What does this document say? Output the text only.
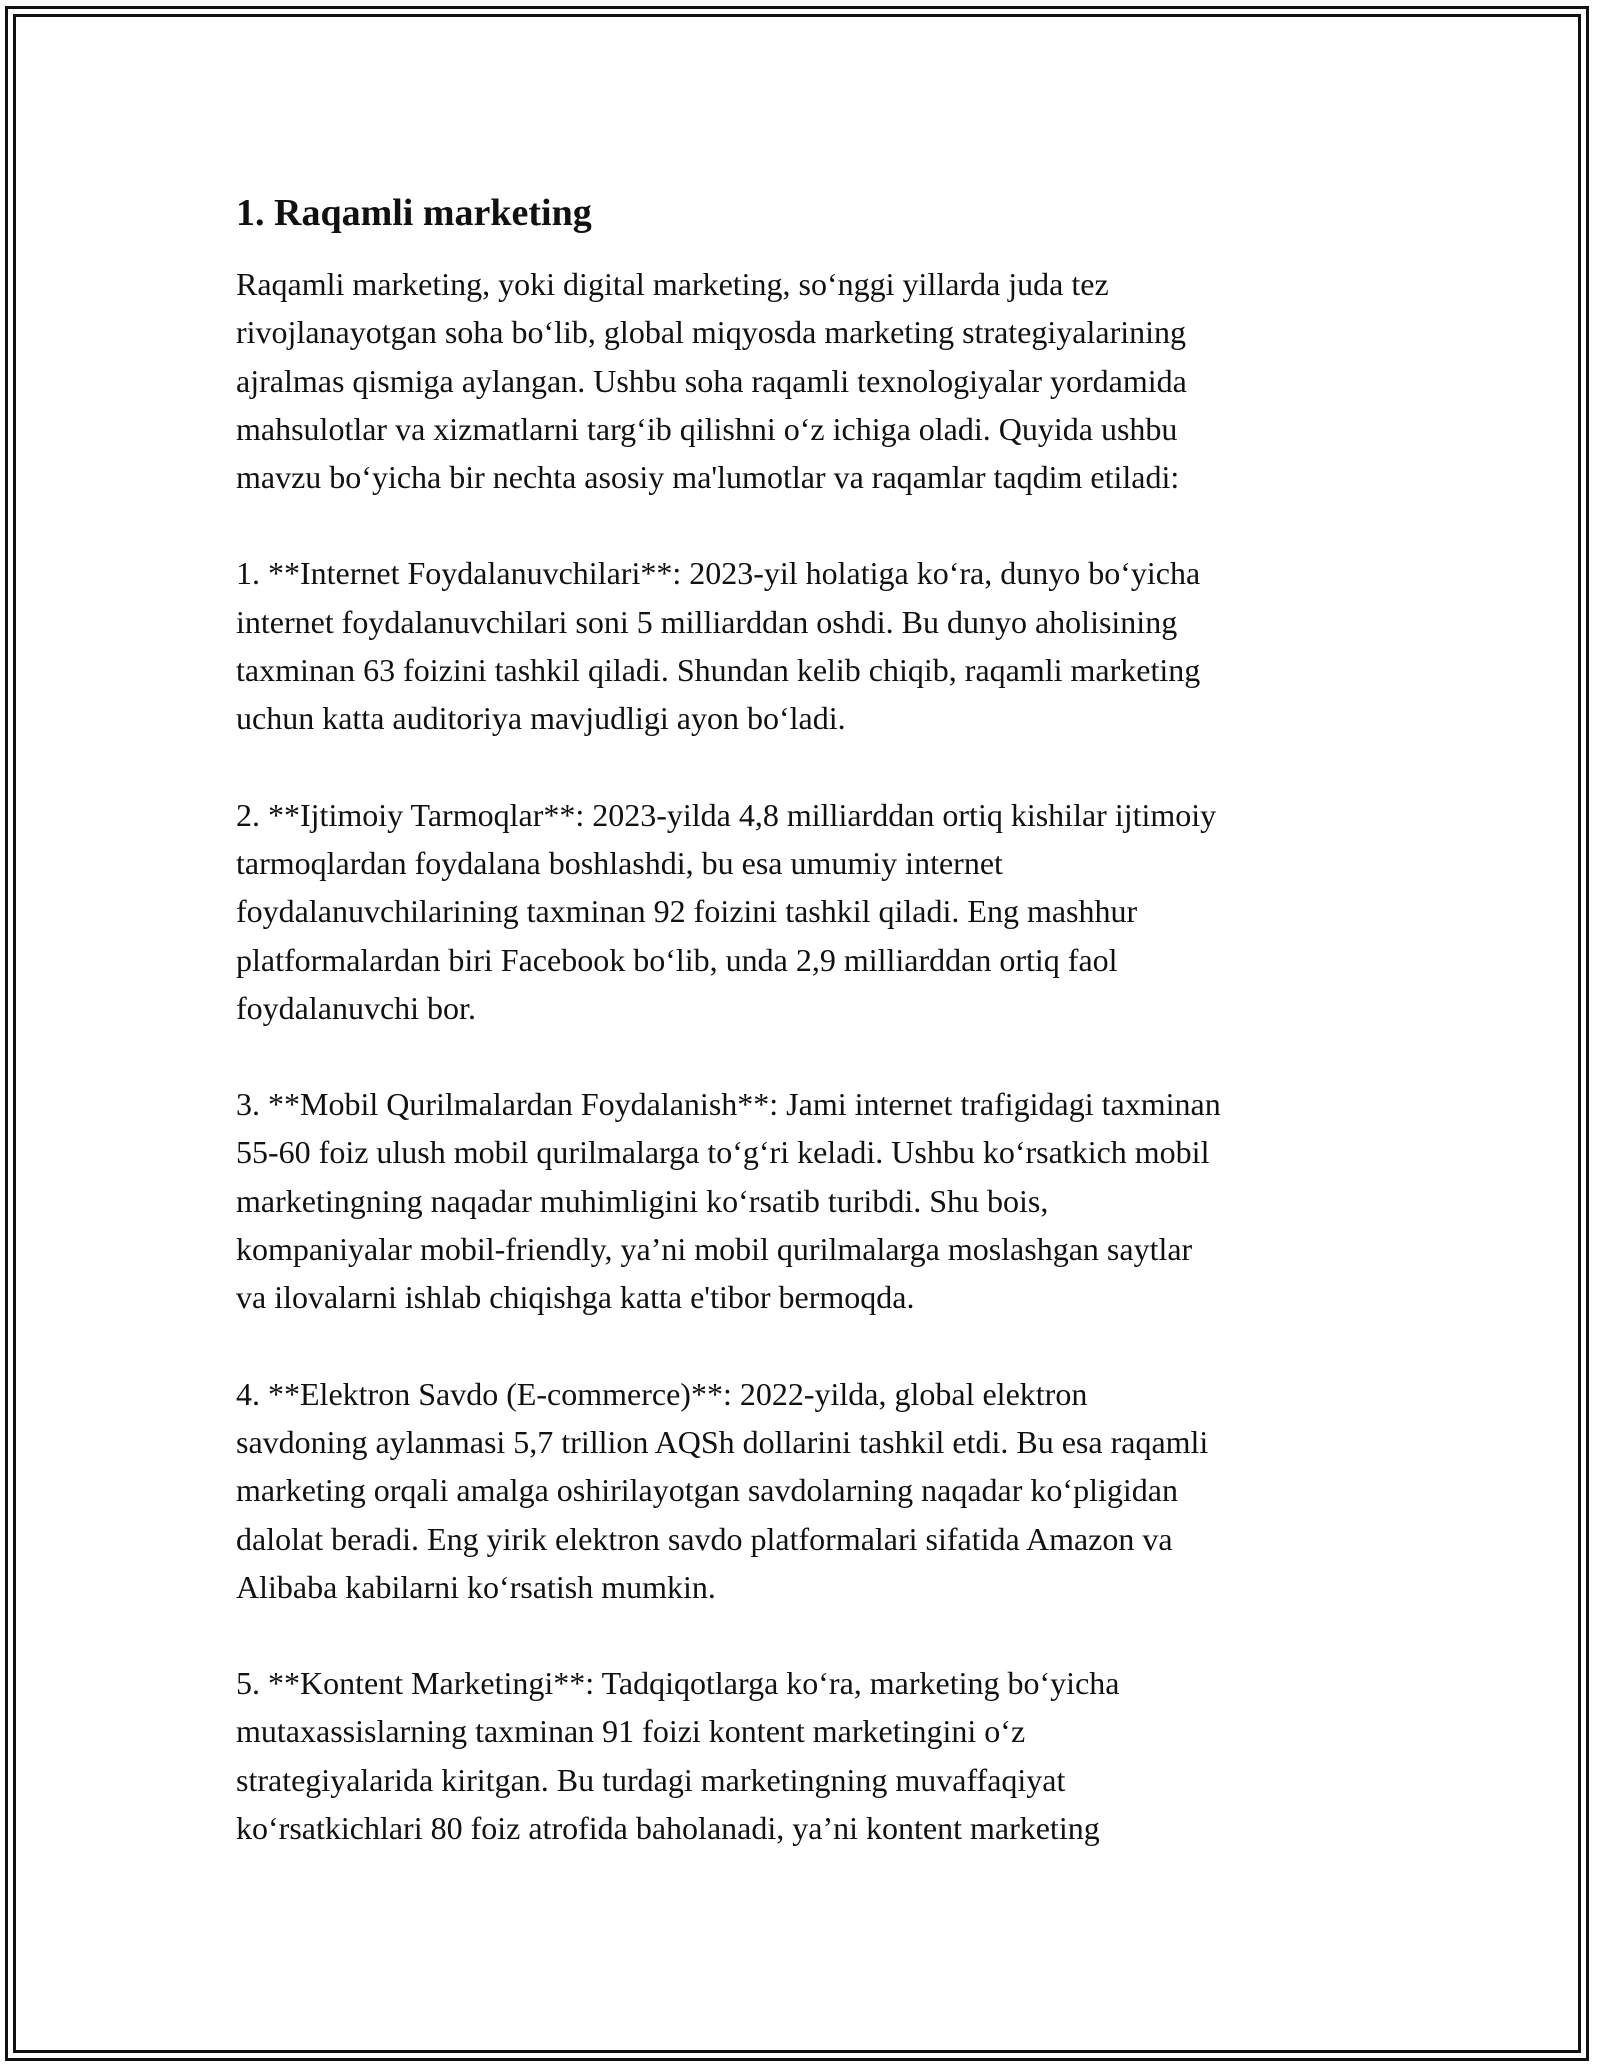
1. Raqamli marketing

Raqamli marketing, yoki digital marketing, so‘nggi yillarda juda tez
rivojlanayotgan soha bo‘lib, global miqyosda marketing strategiyalarining
ajralmas qismiga aylangan. Ushbu soha raqamli texnologiyalar yordamida
mahsulotlar va xizmatlarni targ‘ib qilishni o‘z ichiga oladi. Quyida ushbu
mavzu bo‘yicha bir nechta asosiy ma'lumotlar va raqamlar taqdim etiladi:

1. **Internet Foydalanuvchilari**: 2023-yil holatiga ko‘ra, dunyo bo‘yicha
internet foydalanuvchilari soni 5 milliarddan oshdi. Bu dunyo aholisining
taxminan 63 foizini tashkil qiladi. Shundan kelib chiqib, raqamli marketing
uchun katta auditoriya mavjudligi ayon bo‘ladi.

2. **Ijtimoiy Tarmoqlar**: 2023-yilda 4,8 milliarddan ortiq kishilar ijtimoiy
tarmoqlardan foydalana boshlashdi, bu esa umumiy internet
foydalanuvchilarining taxminan 92 foizini tashkil qiladi. Eng mashhur
platformalardan biri Facebook bo‘lib, unda 2,9 milliarddan ortiq faol
foydalanuvchi bor.

3. **Mobil Qurilmalardan Foydalanish**: Jami internet trafigidagi taxminan
55-60 foiz ulush mobil qurilmalarga to‘g‘ri keladi. Ushbu ko‘rsatkich mobil
marketingning naqadar muhimligini ko‘rsatib turibdi. Shu bois,
kompaniyalar mobil-friendly, ya’ni mobil qurilmalarga moslashgan saytlar
va ilovalarni ishlab chiqishga katta e'tibor bermoqda.

4. **Elektron Savdo (E-commerce)**: 2022-yilda, global elektron
savdoning aylanmasi 5,7 trillion AQSh dollarini tashkil etdi. Bu esa raqamli
marketing orqali amalga oshirilayotgan savdolarning naqadar ko‘pligidan
dalolat beradi. Eng yirik elektron savdo platformalari sifatida Amazon va
Alibaba kabilarni ko‘rsatish mumkin.

5. **Kontent Marketingi**: Tadqiqotlarga ko‘ra, marketing bo‘yicha
mutaxassislarning taxminan 91 foizi kontent marketingini o‘z
strategiyalarida kiritgan. Bu turdagi marketingning muvaffaqiyat
ko‘rsatkichlari 80 foiz atrofida baholanadi, ya’ni kontent marketing
